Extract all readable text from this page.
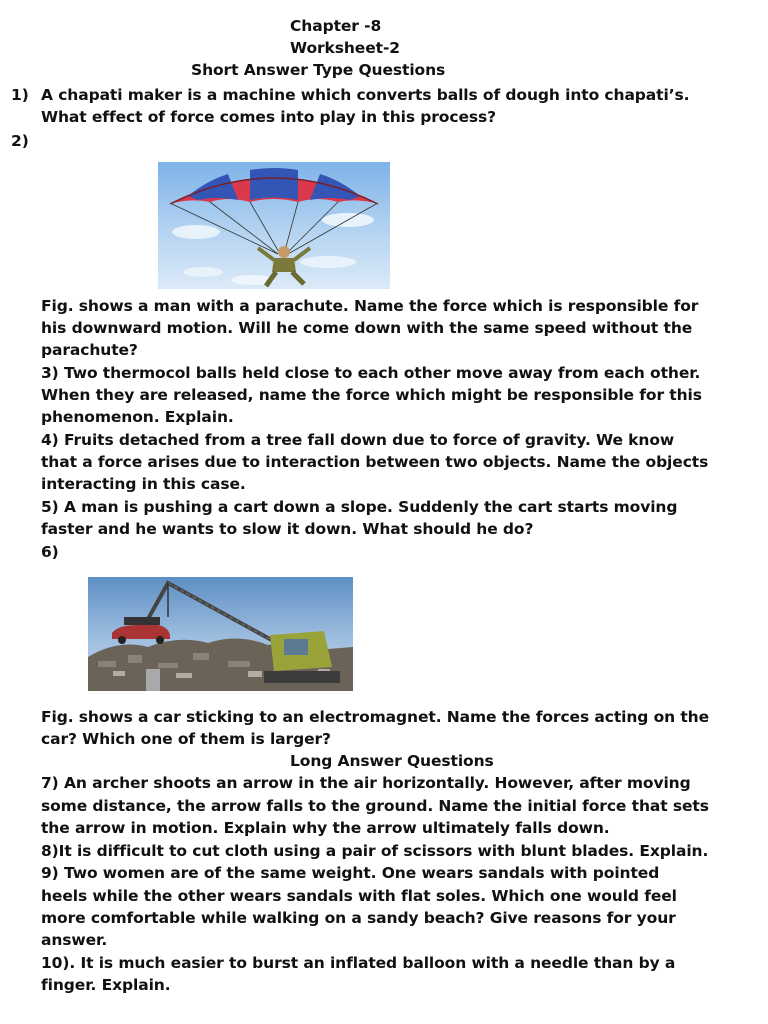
Chapter -8
Worksheet-2
Short Answer Type Questions
1) A chapati maker is a machine which converts balls of dough into chapati’s.
What effect of force comes into play in this process?
2)
Fig. shows a man with a parachute. Name the force which is responsible for
his downward motion. Will he come down with the same speed without the
parachute?
3) Two thermocol balls held close to each other move away from each other.
When they are released, name the force which might be responsible for this
phenomenon. Explain.
4) Fruits detached from a tree fall down due to force of gravity. We know
that a force arises due to interaction between two objects. Name the objects
interacting in this case.
5) A man is pushing a cart down a slope. Suddenly the cart starts moving
faster and he wants to slow it down. What should he do?
6)
Fig. shows a car sticking to an electromagnet. Name the forces acting on the
car? Which one of them is larger?
Long Answer Questions
7) An archer shoots an arrow in the air horizontally. However, after moving
some distance, the arrow falls to the ground. Name the initial force that sets
the arrow in motion. Explain why the arrow ultimately falls down.
8)It is difficult to cut cloth using a pair of scissors with blunt blades. Explain.
9) Two women are of the same weight. One wears sandals with pointed
heels while the other wears sandals with flat soles. Which one would feel
more comfortable while walking on a sandy beach? Give reasons for your
answer.
10). It is much easier to burst an inflated balloon with a needle than by a
finger. Explain.
